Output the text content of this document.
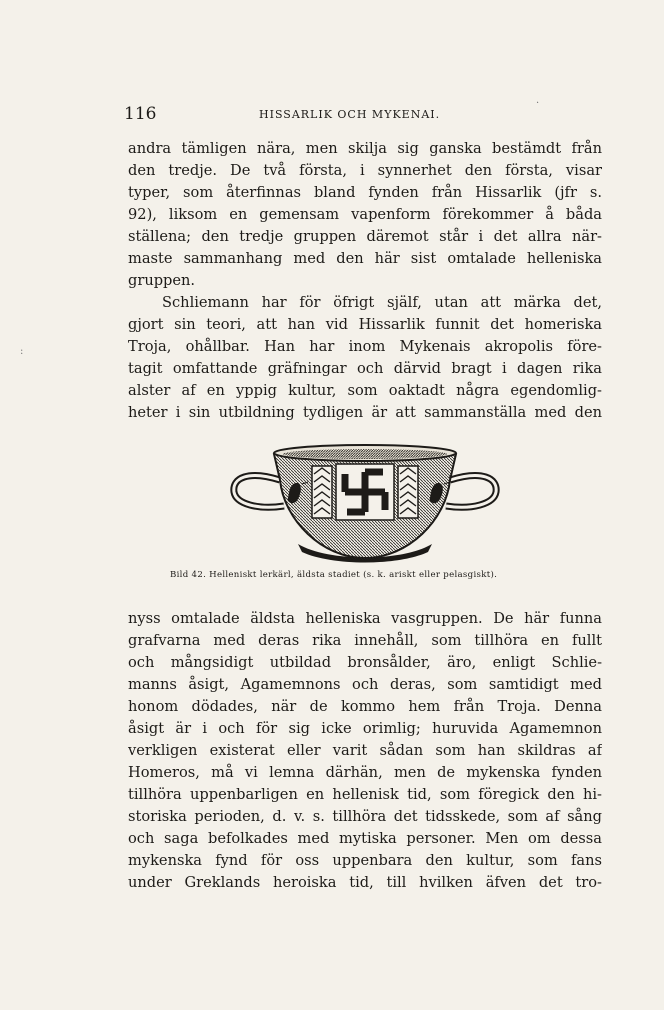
116	HISSARLIK OCH MYKENAI.
andra tämligen nära, men skilja sig ganska bestämdt från
den tredje. De två första, i synnerhet den första, visar
typer, som återfinnas bland fynden från Hissarlik (jfr s.
92), liksom en gemensam vapenform förekommer å båda
ställena; den tredje gruppen däremot står i det allra när-
maste sammanhang med den här sist omtalade helleniska
gruppen.
Schliemann har för öfrigt själf, utan att märka det,
gjort sin teori, att han vid Hissarlik funnit det homeriska
Troja, ohållbar. Han har inom Mykenais akropolis före-
tagit omfattande gräfningar och därvid bragt i dagen rika
alster af en yppig kultur, som oaktadt några egendomlig-
heter i sin utbildning tydligen är att sammanställa med den
Bild 42. Helleniskt lerkärl, äldsta stadiet (s. k. ariskt eller pelasgiskt).
nyss omtalade äldsta helleniska vasgruppen. De här funna
grafvarna med deras rika innehåll, som tillhöra en fullt
och mångsidigt utbildad bronsålder, äro, enligt Schlie-
manns åsigt, Agamemnons och deras, som samtidigt med
honom dödades, när de kommo hem från Troja. Denna
åsigt är i och för sig icke orimlig; huruvida Agamemnon
verkligen existerat eller varit sådan som han skildras af
Homeros, må vi lemna därhän, men de mykenska fynden
tillhöra uppenbarligen en hellenisk tid, som föregick den hi-
storiska perioden, d. v. s. tillhöra det tidsskede, som af sång
och saga befolkades med mytiska personer. Men om dessa
mykenska fynd för oss uppenbara den kultur, som fans
under Greklands heroiska tid, till hvilken äfven det tro-
·
:
